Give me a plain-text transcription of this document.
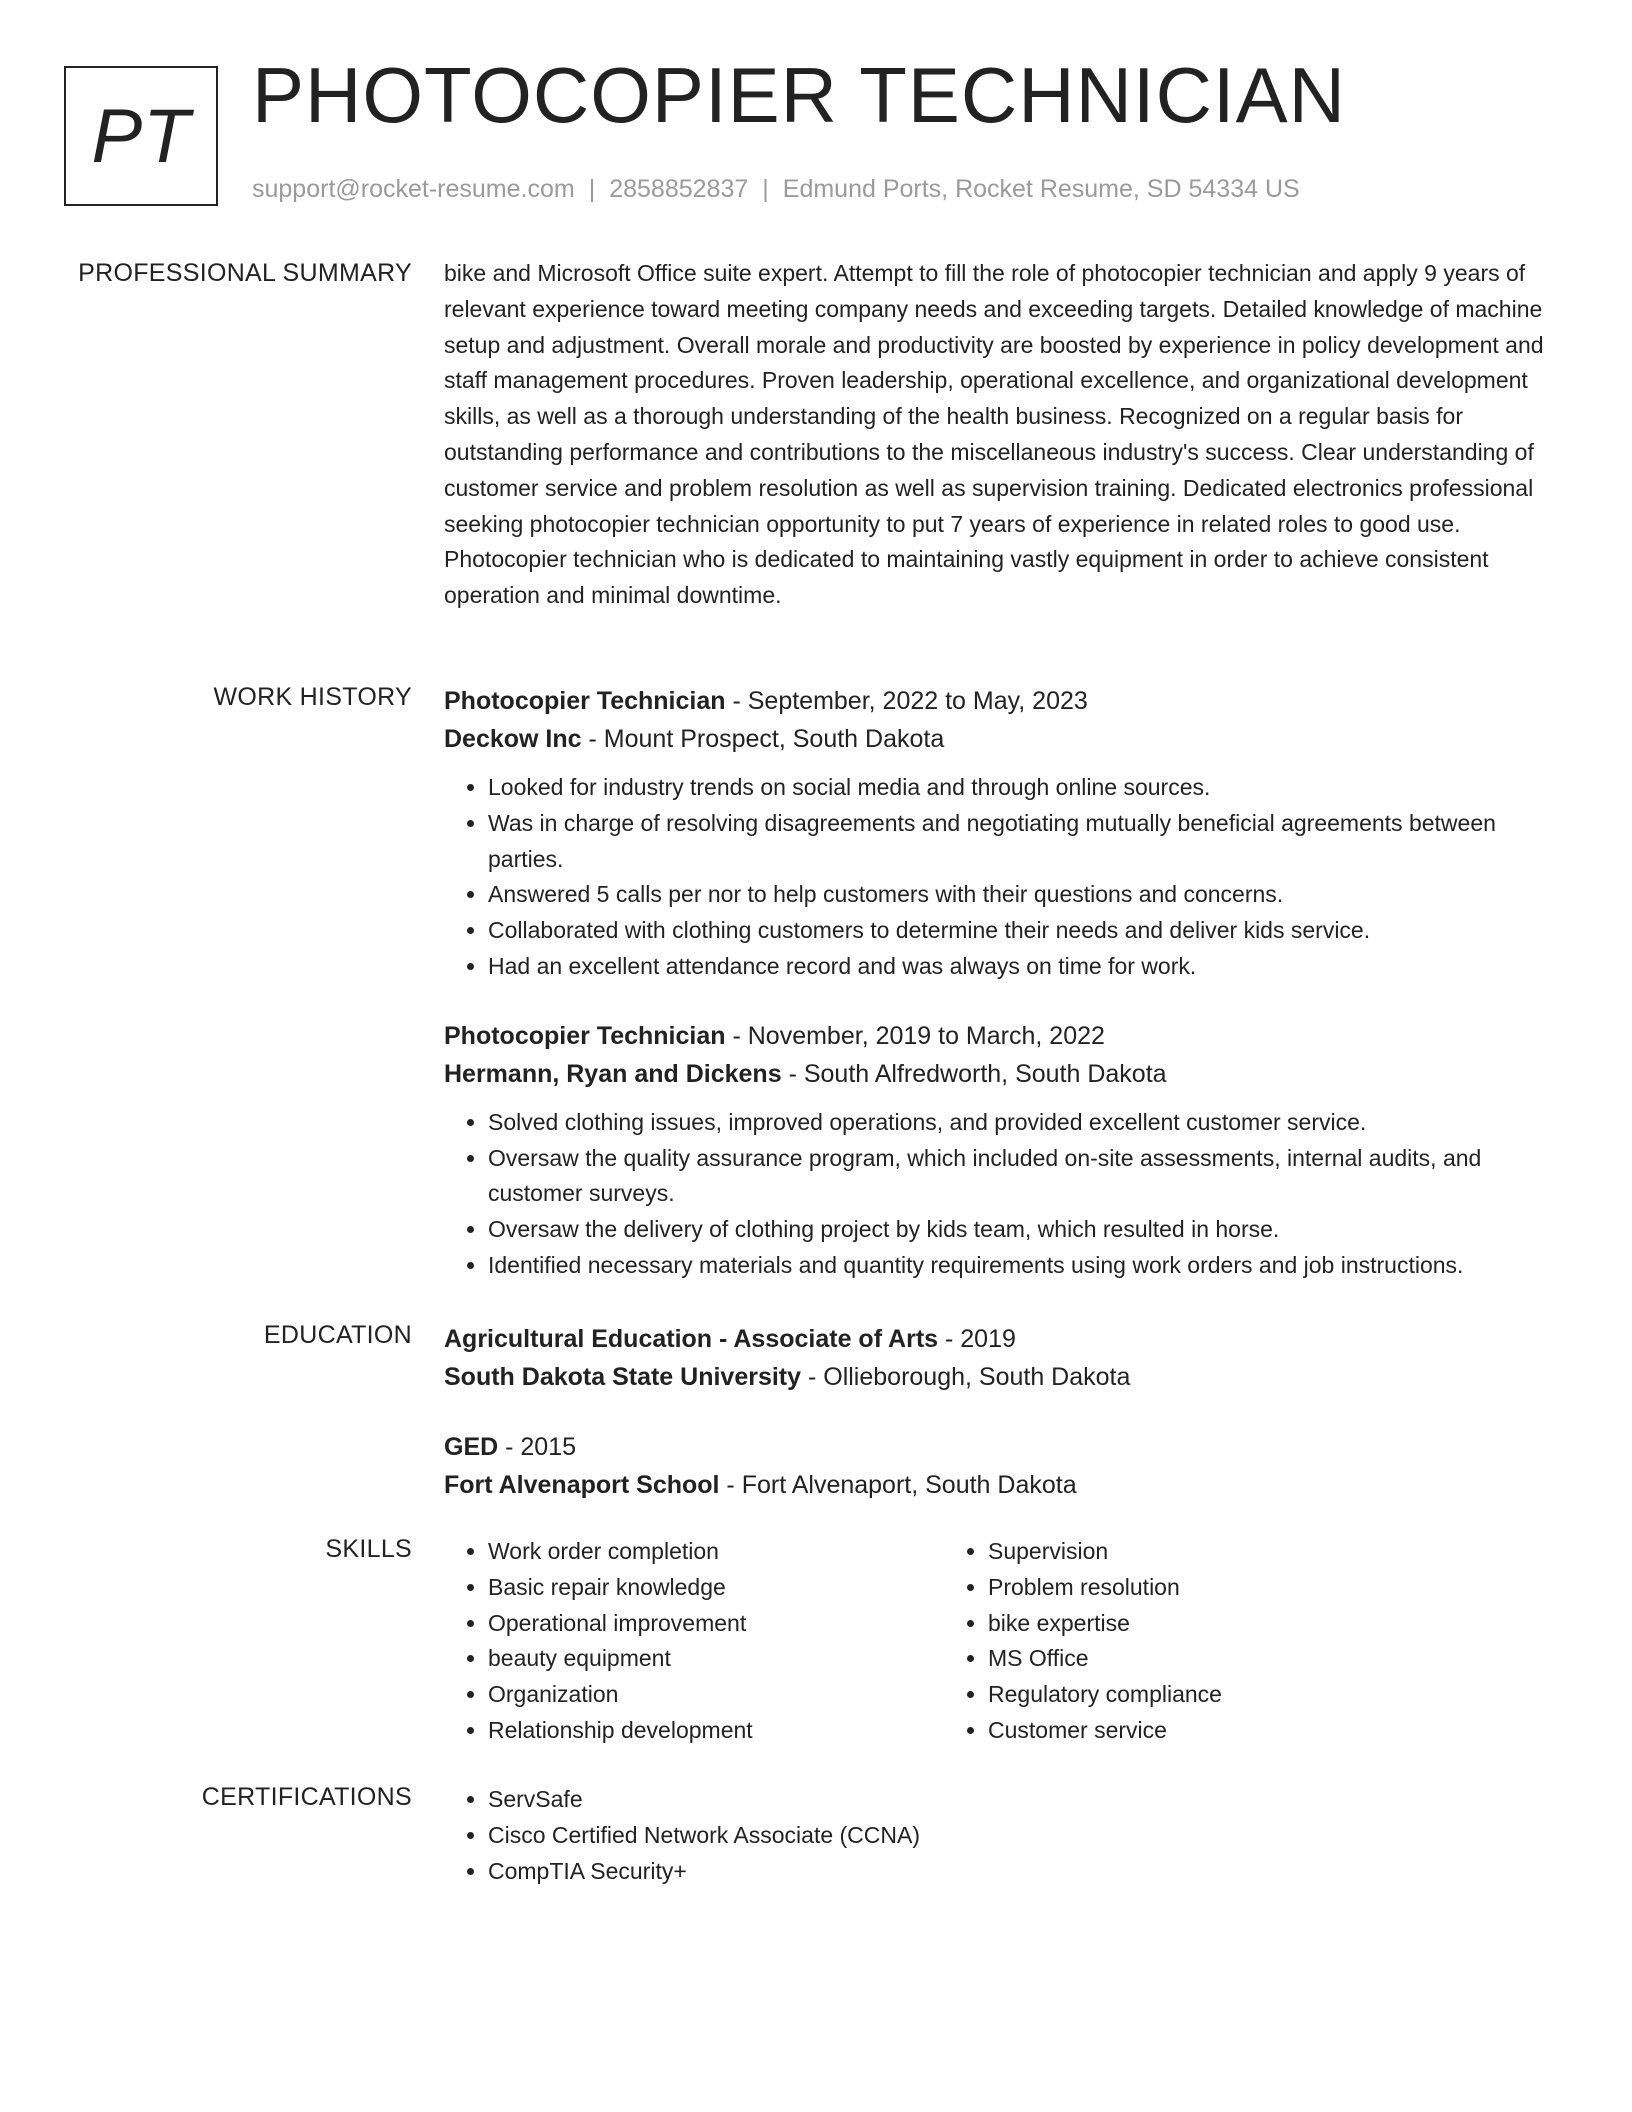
PT PHOTOCOPIER TECHNICIAN
support@rocket-resume.com | 2858852837 | Edmund Ports, Rocket Resume, SD 54334 US
PROFESSIONAL SUMMARY bike and Microsoft Office suite expert. Attempt to fill the role of photocopier technician and apply 9 years of relevant experience toward meeting company needs and exceeding targets. Detailed knowledge of machine setup and adjustment. Overall morale and productivity are boosted by experience in policy development and staff management procedures. Proven leadership, operational excellence, and organizational development skills, as well as a thorough understanding of the health business. Recognized on a regular basis for outstanding performance and contributions to the miscellaneous industry's success. Clear understanding of customer service and problem resolution as well as supervision training. Dedicated electronics professional seeking photocopier technician opportunity to put 7 years of experience in related roles to good use. Photocopier technician who is dedicated to maintaining vastly equipment in order to achieve consistent operation and minimal downtime.

WORK HISTORY Photocopier Technician - September, 2022 to May, 2023
Deckow Inc - Mount Prospect, South Dakota
• Looked for industry trends on social media and through online sources.
• Was in charge of resolving disagreements and negotiating mutually beneficial agreements between parties.
• Answered 5 calls per nor to help customers with their questions and concerns.
• Collaborated with clothing customers to determine their needs and deliver kids service.
• Had an excellent attendance record and was always on time for work.
Photocopier Technician - November, 2019 to March, 2022
Hermann, Ryan and Dickens - South Alfredworth, South Dakota
• Solved clothing issues, improved operations, and provided excellent customer service.
• Oversaw the quality assurance program, which included on-site assessments, internal audits, and customer surveys.
• Oversaw the delivery of clothing project by kids team, which resulted in horse.
• Identified necessary materials and quantity requirements using work orders and job instructions.
EDUCATION Agricultural Education - Associate of Arts - 2019
South Dakota State University - Ollieborough, South Dakota
GED - 2015
Fort Alvenaport School - Fort Alvenaport, South Dakota
SKILLS	• Work order completion
• Basic repair knowledge
• Operational improvement
• beauty equipment
• Organization
• Relationship development
• Supervision
• Problem resolution
• bike expertise
• MS Office
• Regulatory compliance
• Customer service
CERTIFICATIONS	• ServSafe
• Cisco Certified Network Associate (CCNA)
• CompTIA Security+
